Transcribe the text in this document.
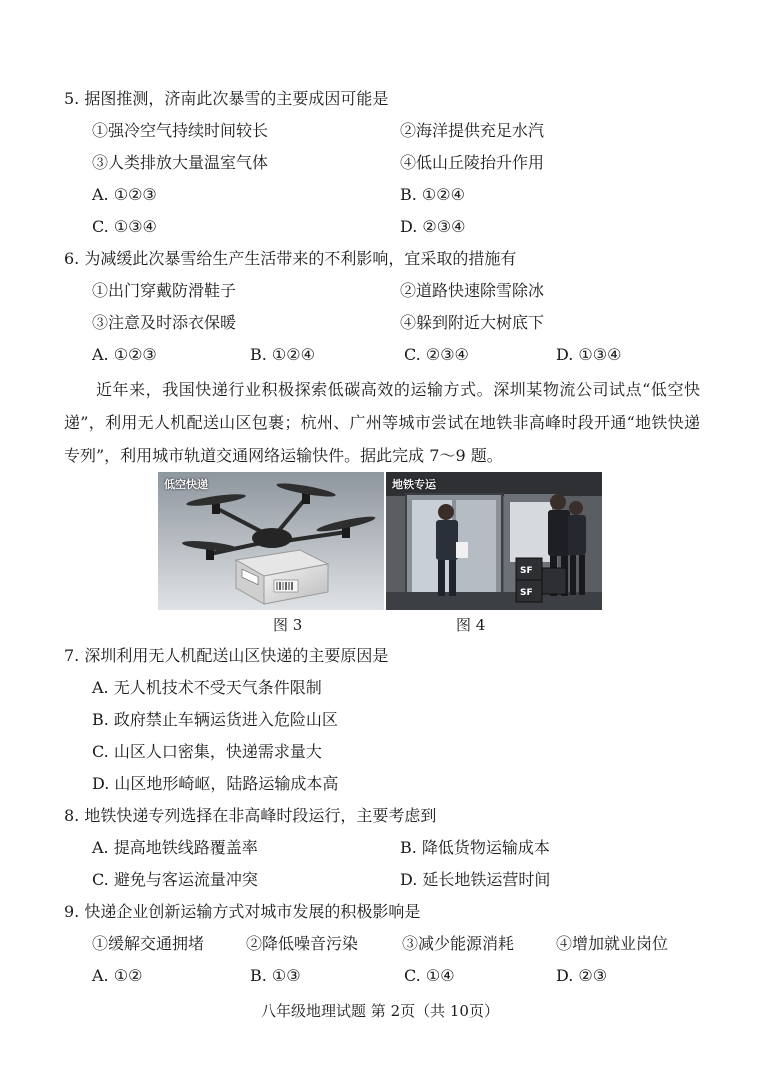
5. 据图推测，济南此次暴雪的主要成因可能是
①强冷空气持续时间较长	②海洋提供充足水汽
③人类排放大量温室气体	④低山丘陵抬升作用
A. ①②③	B. ①②④
C. ①③④	D. ②③④
6. 为减缓此次暴雪给生产生活带来的不利影响，宜采取的措施有
①出门穿戴防滑鞋子	②道路快速除雪除冰
③注意及时添衣保暖	④躲到附近大树底下
A. ①②③	B. ①②④	C. ②③④	D. ①③④
近年来，我国快递行业积极探索低碳高效的运输方式。深圳某物流公司试点“低空快递”，利用无人机配送山区包裹；杭州、广州等城市尝试在地铁非高峰时段开通“地铁快递专列”，利用城市轨道交通网络运输快件。据此完成 7～9 题。
低空快递
SF
SF
地铁专运
图 3	图 4
7. 深圳利用无人机配送山区快递的主要原因是
A. 无人机技术不受天气条件限制
B. 政府禁止车辆运货进入危险山区
C. 山区人口密集，快递需求量大
D. 山区地形崎岖，陆路运输成本高
8. 地铁快递专列选择在非高峰时段运行，主要考虑到
A. 提高地铁线路覆盖率	B. 降低货物运输成本
C. 避免与客运流量冲突	D. 延长地铁运营时间
9. 快递企业创新运输方式对城市发展的积极影响是
①缓解交通拥堵	②降低噪音污染	③减少能源消耗	④增加就业岗位
A. ①②	B. ①③	C. ①④	D. ②③
八年级地理试题 第 2页（共 10页）
